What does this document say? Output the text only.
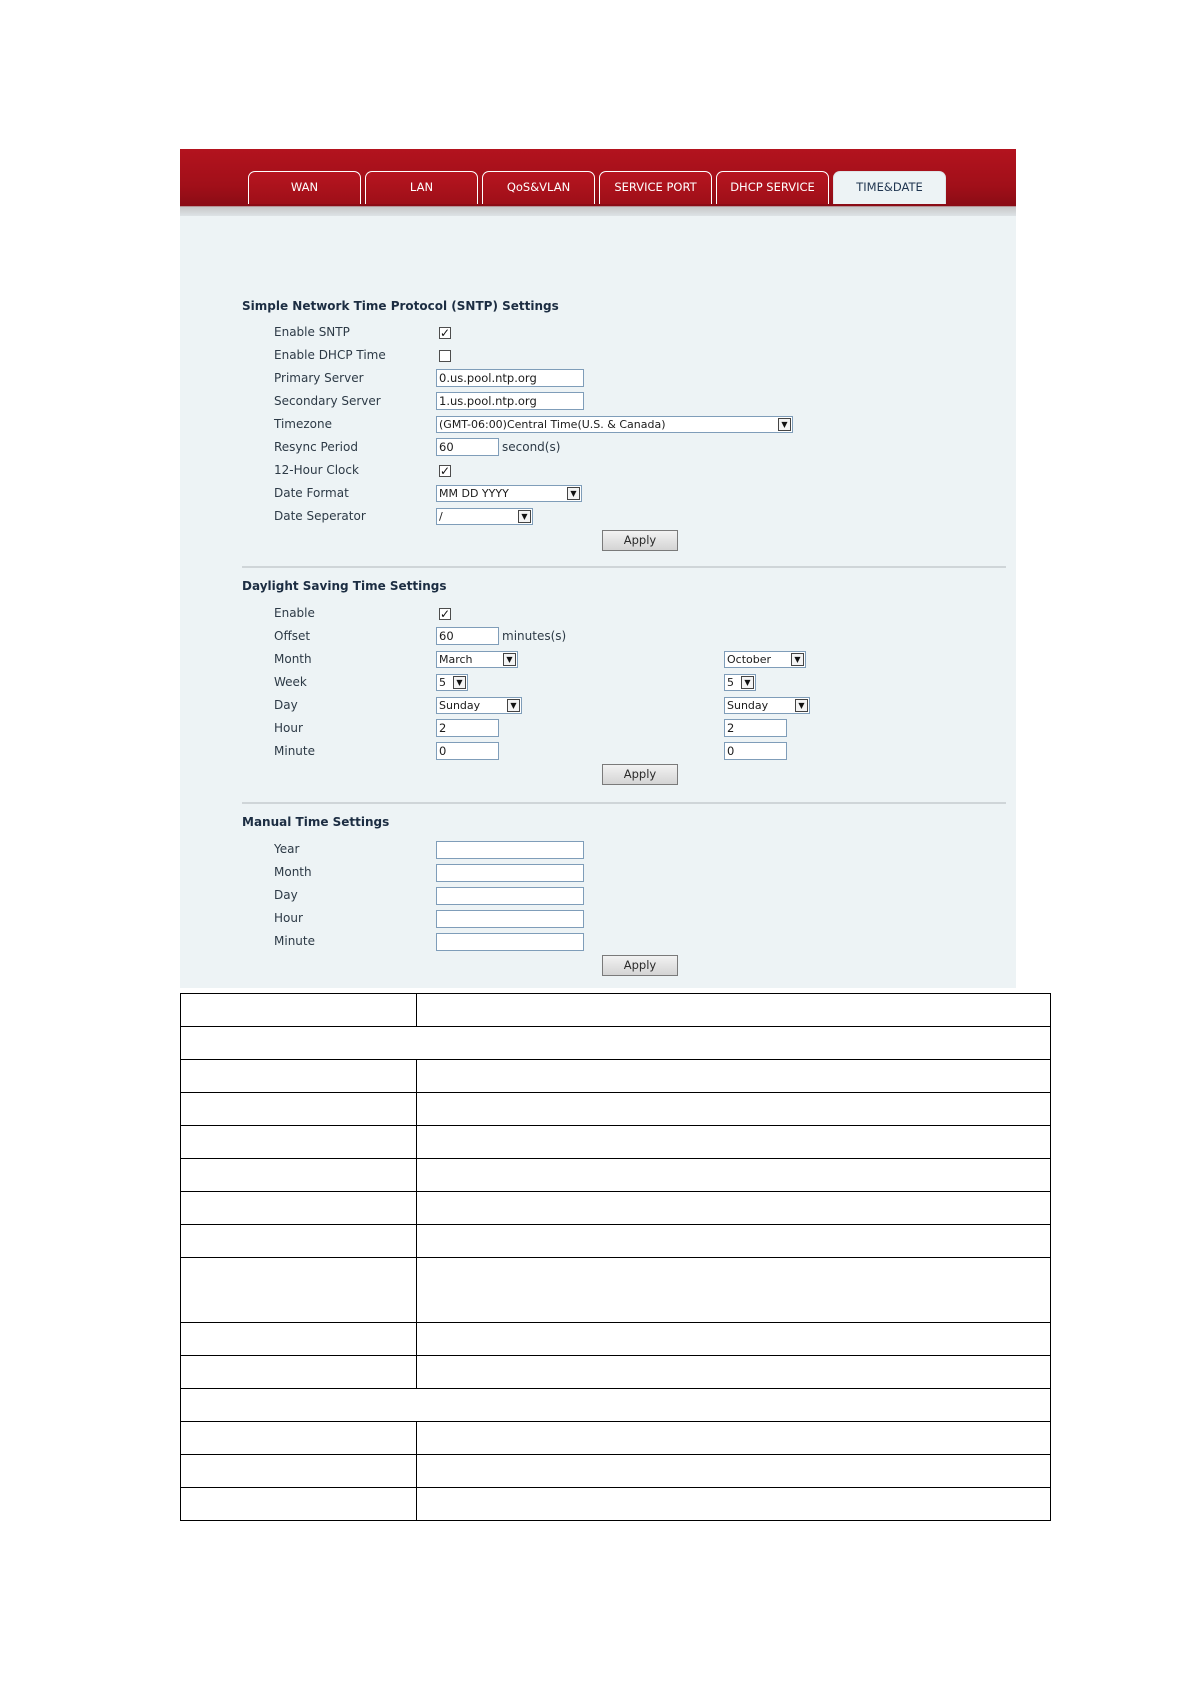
WAN	LAN	QoS&VLAN	SERVICE PORT	DHCP SERVICE	TIME&DATE
Simple Network Time Protocol (SNTP) Settings
Enable SNTP	✓
Enable DHCP Time
Primary Server	0.us.pool.ntp.org
Secondary Server	1.us.pool.ntp.org
Timezone	(GMT-06:00)Central Time(U.S. & Canada)	▼
Resync Period	60	second(s)
12-Hour Clock	✓
Date Format	MM DD YYYY	▼
Date Seperator	/	▼
Apply
Daylight Saving Time Settings
Enable	✓
Offset	60	minutes(s)
Month	March	▼	October	▼
Week	5	▼	5	▼
Day	Sunday	▼	Sunday	▼
Hour	2	2
Minute	0	0
Apply
Manual Time Settings
Year
Month
Day
Hour
Minute
Apply
